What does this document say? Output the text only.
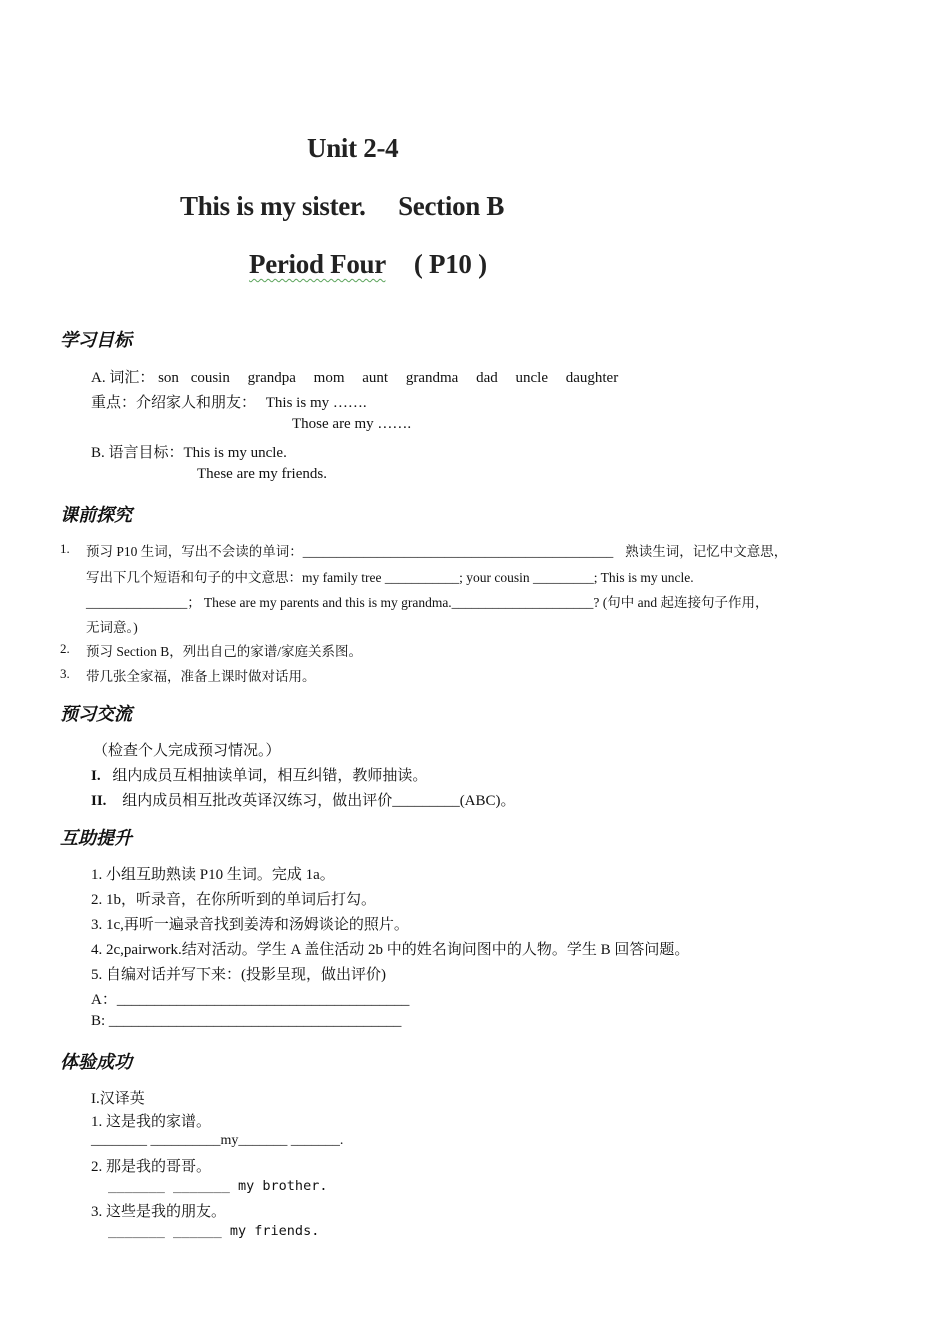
Unit 2-4
This is my sister. Section B
Period Four ( P10 )
学习目标
A. 词汇： son cousin grandpa mom aunt grandma dad uncle daughter
重点：介绍家人和朋友： This is my …….
Those are my …….
B. 语言目标：This is my uncle.
These are my friends.
课前探究
1. 预习 P10 生词，写出不会读的单词：______________________________________________ 熟读生词，记忆中文意思，
写出下几个短语和句子的中文意思：my family tree ___________; your cousin _________; This is my uncle.
_______________； These are my parents and this is my grandma._____________________? (句中 and 起连接句子作用，
无词意。)
2. 预习 Section B，列出自己的家谱/家庭关系图。
3. 带几张全家福，准备上课时做对话用。
预习交流
（检查个人完成预习情况。）
I. 组内成员互相抽读单词，相互纠错，教师抽读。
II. 组内成员相互批改英译汉练习，做出评价_________(ABC)。
互助提升
1. 小组互助熟读 P10 生词。完成 1a。
2. 1b，听录音，在你所听到的单词后打勾。
3. 1c,再听一遍录音找到姜涛和汤姆谈论的照片。
4. 2c,pairwork.结对活动。学生 A 盖住活动 2b 中的姓名询问图中的人物。学生 B 回答问题。
5. 自编对话并写下来：(投影呈现，做出评价)
A：_______________________________________
B: _______________________________________
体验成功
I.汉译英
1. 这是我的家谱。
________ __________my_______ _______.
2. 那是我的哥哥。
_______ _______ my brother.
3. 这些是我的朋友。
_______ ______ my friends.
